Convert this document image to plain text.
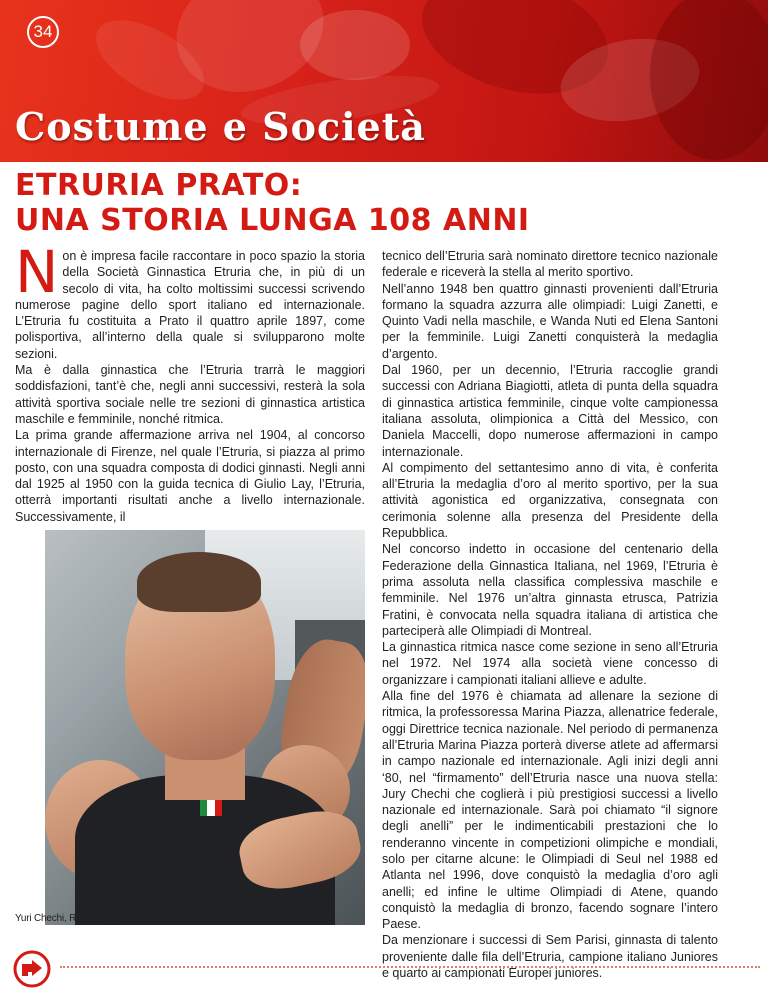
34
Costume e Società
ETRURIA PRATO:
UNA STORIA LUNGA 108 ANNI

Non è impresa facile raccontare in poco spazio la storia della Società Ginnastica Etruria che, in più di un secolo di vita, ha colto moltissimi successi scrivendo numerose pagine dello sport italiano ed internazionale. L’Etruria fu costituita a Prato il quattro aprile 1897, come polisportiva, all’interno della quale si svilupparono molte sezioni.

Ma è dalla ginnastica che l’Etruria trarrà le maggiori soddisfazioni, tant’è che, negli anni successivi, resterà la sola attività sportiva sociale nelle tre sezioni di ginnastica artistica maschile e femminile, nonché ritmica.

La prima grande affermazione arriva nel 1904, al concorso internazionale di Firenze, nel quale l’Etruria, si piazza al primo posto, con una squadra composta di dodici ginnasti. Negli anni dal 1925 al 1950 con la guida tecnica di Giulio Lay, l’Etruria, otterrà importanti risultati anche a livello internazionale. Successivamente, il

Yuri Chechi, Rimini 2004

tecnico dell’Etruria sarà nominato direttore tecnico nazionale federale e riceverà la stella al merito sportivo.

Nell’anno 1948 ben quattro ginnasti provenienti dall’Etruria formano la squadra azzurra alle olimpiadi: Luigi Zanetti, e Quinto Vadi nella maschile, e Wanda Nuti ed Elena Santoni per la femminile. Luigi Zanetti conquisterà la medaglia d’argento.

Dal 1960, per un decennio, l’Etruria raccoglie grandi successi con Adriana Biagiotti, atleta di punta della squadra di ginnastica artistica femminile, cinque volte campionessa italiana assoluta, olimpionica a Città del Messico, con Daniela Maccelli, dopo numerose affermazioni in campo internazionale.

Al compimento del settantesimo anno di vita, è conferita all’Etruria la medaglia d’oro al merito sportivo, per la sua attività agonistica ed organizzativa, consegnata con cerimonia solenne alla presenza del Presidente della Repubblica.

Nel concorso indetto in occasione del centenario della Federazione della Ginnastica Italiana, nel 1969, l’Etruria è prima assoluta nella classifica complessiva maschile e femminile. Nel 1976 un’altra ginnasta etrusca, Patrizia Fratini, è convocata nella squadra italiana di artistica che parteciperà alle Olimpiadi di Montreal.

La ginnastica ritmica nasce come sezione in seno all’Etruria nel 1972. Nel 1974 alla società viene concesso di organizzare i campionati italiani allieve e adulte.

Alla fine del 1976 è chiamata ad allenare la sezione di ritmica, la professoressa Marina Piazza, allenatrice federale, oggi Direttrice tecnica nazionale. Nel periodo di permanenza all’Etruria Marina Piazza porterà diverse atlete ad affermarsi in campo nazionale ed internazionale. Agli inizi degli anni ‘80, nel “firmamento” dell’Etruria nasce una nuova stella: Jury Chechi che coglierà i più prestigiosi successi a livello nazionale ed internazionale. Sarà poi chiamato “il signore degli anelli” per le indimenticabili prestazioni che lo renderanno vincente in competizioni olimpiche e mondiali, solo per citarne alcune: le Olimpiadi di Seul nel 1988 ed Atlanta nel 1996, dove conquistò la medaglia d’oro agli anelli; ed infine le ultime Olimpiadi di Atene, quando conquistò la medaglia di bronzo, facendo sognare l’intero Paese.

Da menzionare i successi di Sem Parisi, ginnasta di talento proveniente dalle fila dell’Etruria, campione italiano Juniores e quarto ai campionati Europei juniores.
